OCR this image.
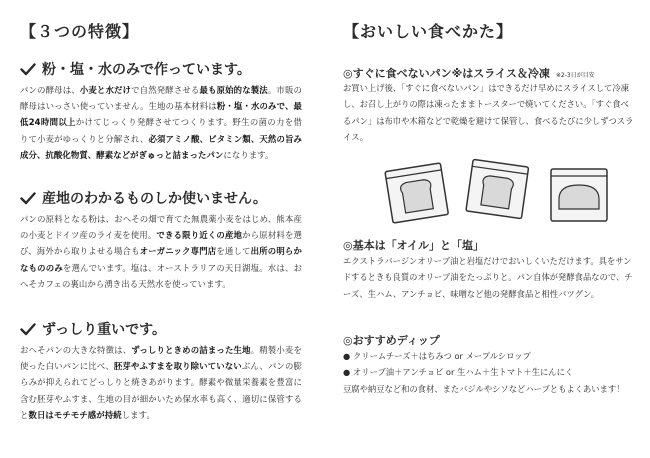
【３つの特徴】
粉・塩・水のみで作っています。
パンの酵母は、小麦と水だけで自然発酵させる最も原始的な製法。市販の酵母はいっさい使っていません。生地の基本材料は粉・塩・水のみで、最低24時間以上かけてじっくり発酵させてつくります。野生の菌の力を借りて小麦がゆっくりと分解され、必須アミノ酸、ビタミン類、天然の旨み成分、抗酸化物質、酵素などがぎゅっと詰まったパンになります。
産地のわかるものしか使いません。
パンの原料となる粉は、おへその畑で育てた無農薬小麦をはじめ、熊本産の小麦とドイツ産のライ麦を使用。できる限り近くの産地から原材料を選び、海外から取りよせる場合もオーガニック専門店を通して出所の明らかなもののみを選んでいます。塩は、オーストラリアの天日湖塩。水は、おへそカフェの裏山から湧き出る天然水を使っています。
ずっしり重いです。
おへそパンの大きな特徴は、ずっしりときめの詰まった生地。精製小麦を使った白いパンに比べ、胚芽やふすまを取り除いていないぶん、パンの膨らみが抑えられてどっしりと焼きあがります。酵素や微量栄養素を豊富に含む胚芽やふすま、生地の目が細かいため保水率も高く、適切に保管すると数日はモチモチ感が持続します。
【おいしい食べかた】
◎すぐに食べないパン※はスライス＆冷凍 ※2-3日が目安
お買い上げ後、「すぐに食べないパン」はできるだけ早めにスライスして冷凍し、お召し上がりの際は凍ったままトースターで焼いてください。「すぐ食べるパン」は布巾や木箱などで乾燥を避けて保管し、食べるたびに少しずつスライス。
◎基本は「オイル」と「塩」
エクストラバージンオリーブ油と岩塩だけでおいしくいただけます。具をサンドするときも良質のオリーブ油をたっぷりと。パン自体が発酵食品なので、チーズ、生ハム、アンチョビ、味噌など他の発酵食品と相性バツグン。
◎おすすめディップ
● クリームチーズ＋はちみつ or メープルシロップ
● オリーブ油＋アンチョビ or 生ハム＋生トマト＋生にんにく
豆腐や納豆など和の食材、またバジルやシソなどハーブともよくあいます！
